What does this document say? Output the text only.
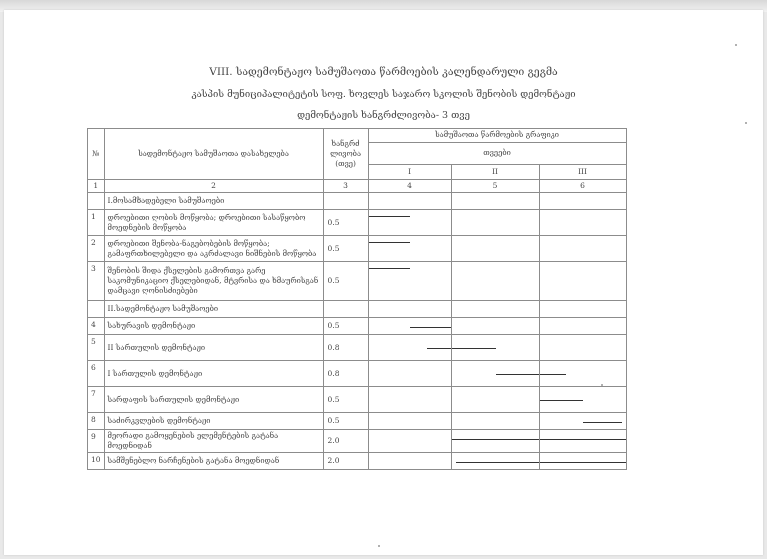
VIII. სადემონტაჟო სამუშაოთა წარმოების კალენდარული გეგმა
კასპის მუნიციპალიტეტის სოფ. ხოვლეს საჯარო სკოლის შენობის დემონტაჟი
დემონტაჟის ხანგრძლივობა- 3 თვე
№	სადემონტაჟო სამუშაოთა დასახელება	ხანგრძ ლივობა (თვე)	სამუშაოთა წარმოების გრაფიკი		
			თვეები		
			I	II	III
1	2	3	4	5	6
	I.მოსამზადებელი სამუშაოები				
1	დროებითი ღობის მოწყობა; დროებითი სასაწყობო მოედნების მოწყობა	0.5	

2	დროებითი შენობა-ნაგებობების მოწყობა; გამაფრთხილებელი და აკრძალავი ნიშნების მოწყობა	0.5	

3	შენობის შიდა ქსელების გამორთვა გარე საკომუნიკაციო ქსელებიდან, მტვრისა და ხმაურისგან დამცავი ღონისძიებები	0.5	

	II.სადემონტაჟო სამუშაოები				
4	სახურავის დემონტაჟი	0.5	

5	II სართულის დემონტაჟი	0.8	

6	I სართულის დემონტაჟი	0.8		

7	სარდაფის სართულის დემონტაჟი	0.5			

8	საძირკვლების დემონტაჟი	0.5			

9	მეორადი გამოყენების ელემენტების გატანა მოედნიდან	2.0		

10	სამშენებლო ნარჩენების გატანა მოედნიდან	2.0		
